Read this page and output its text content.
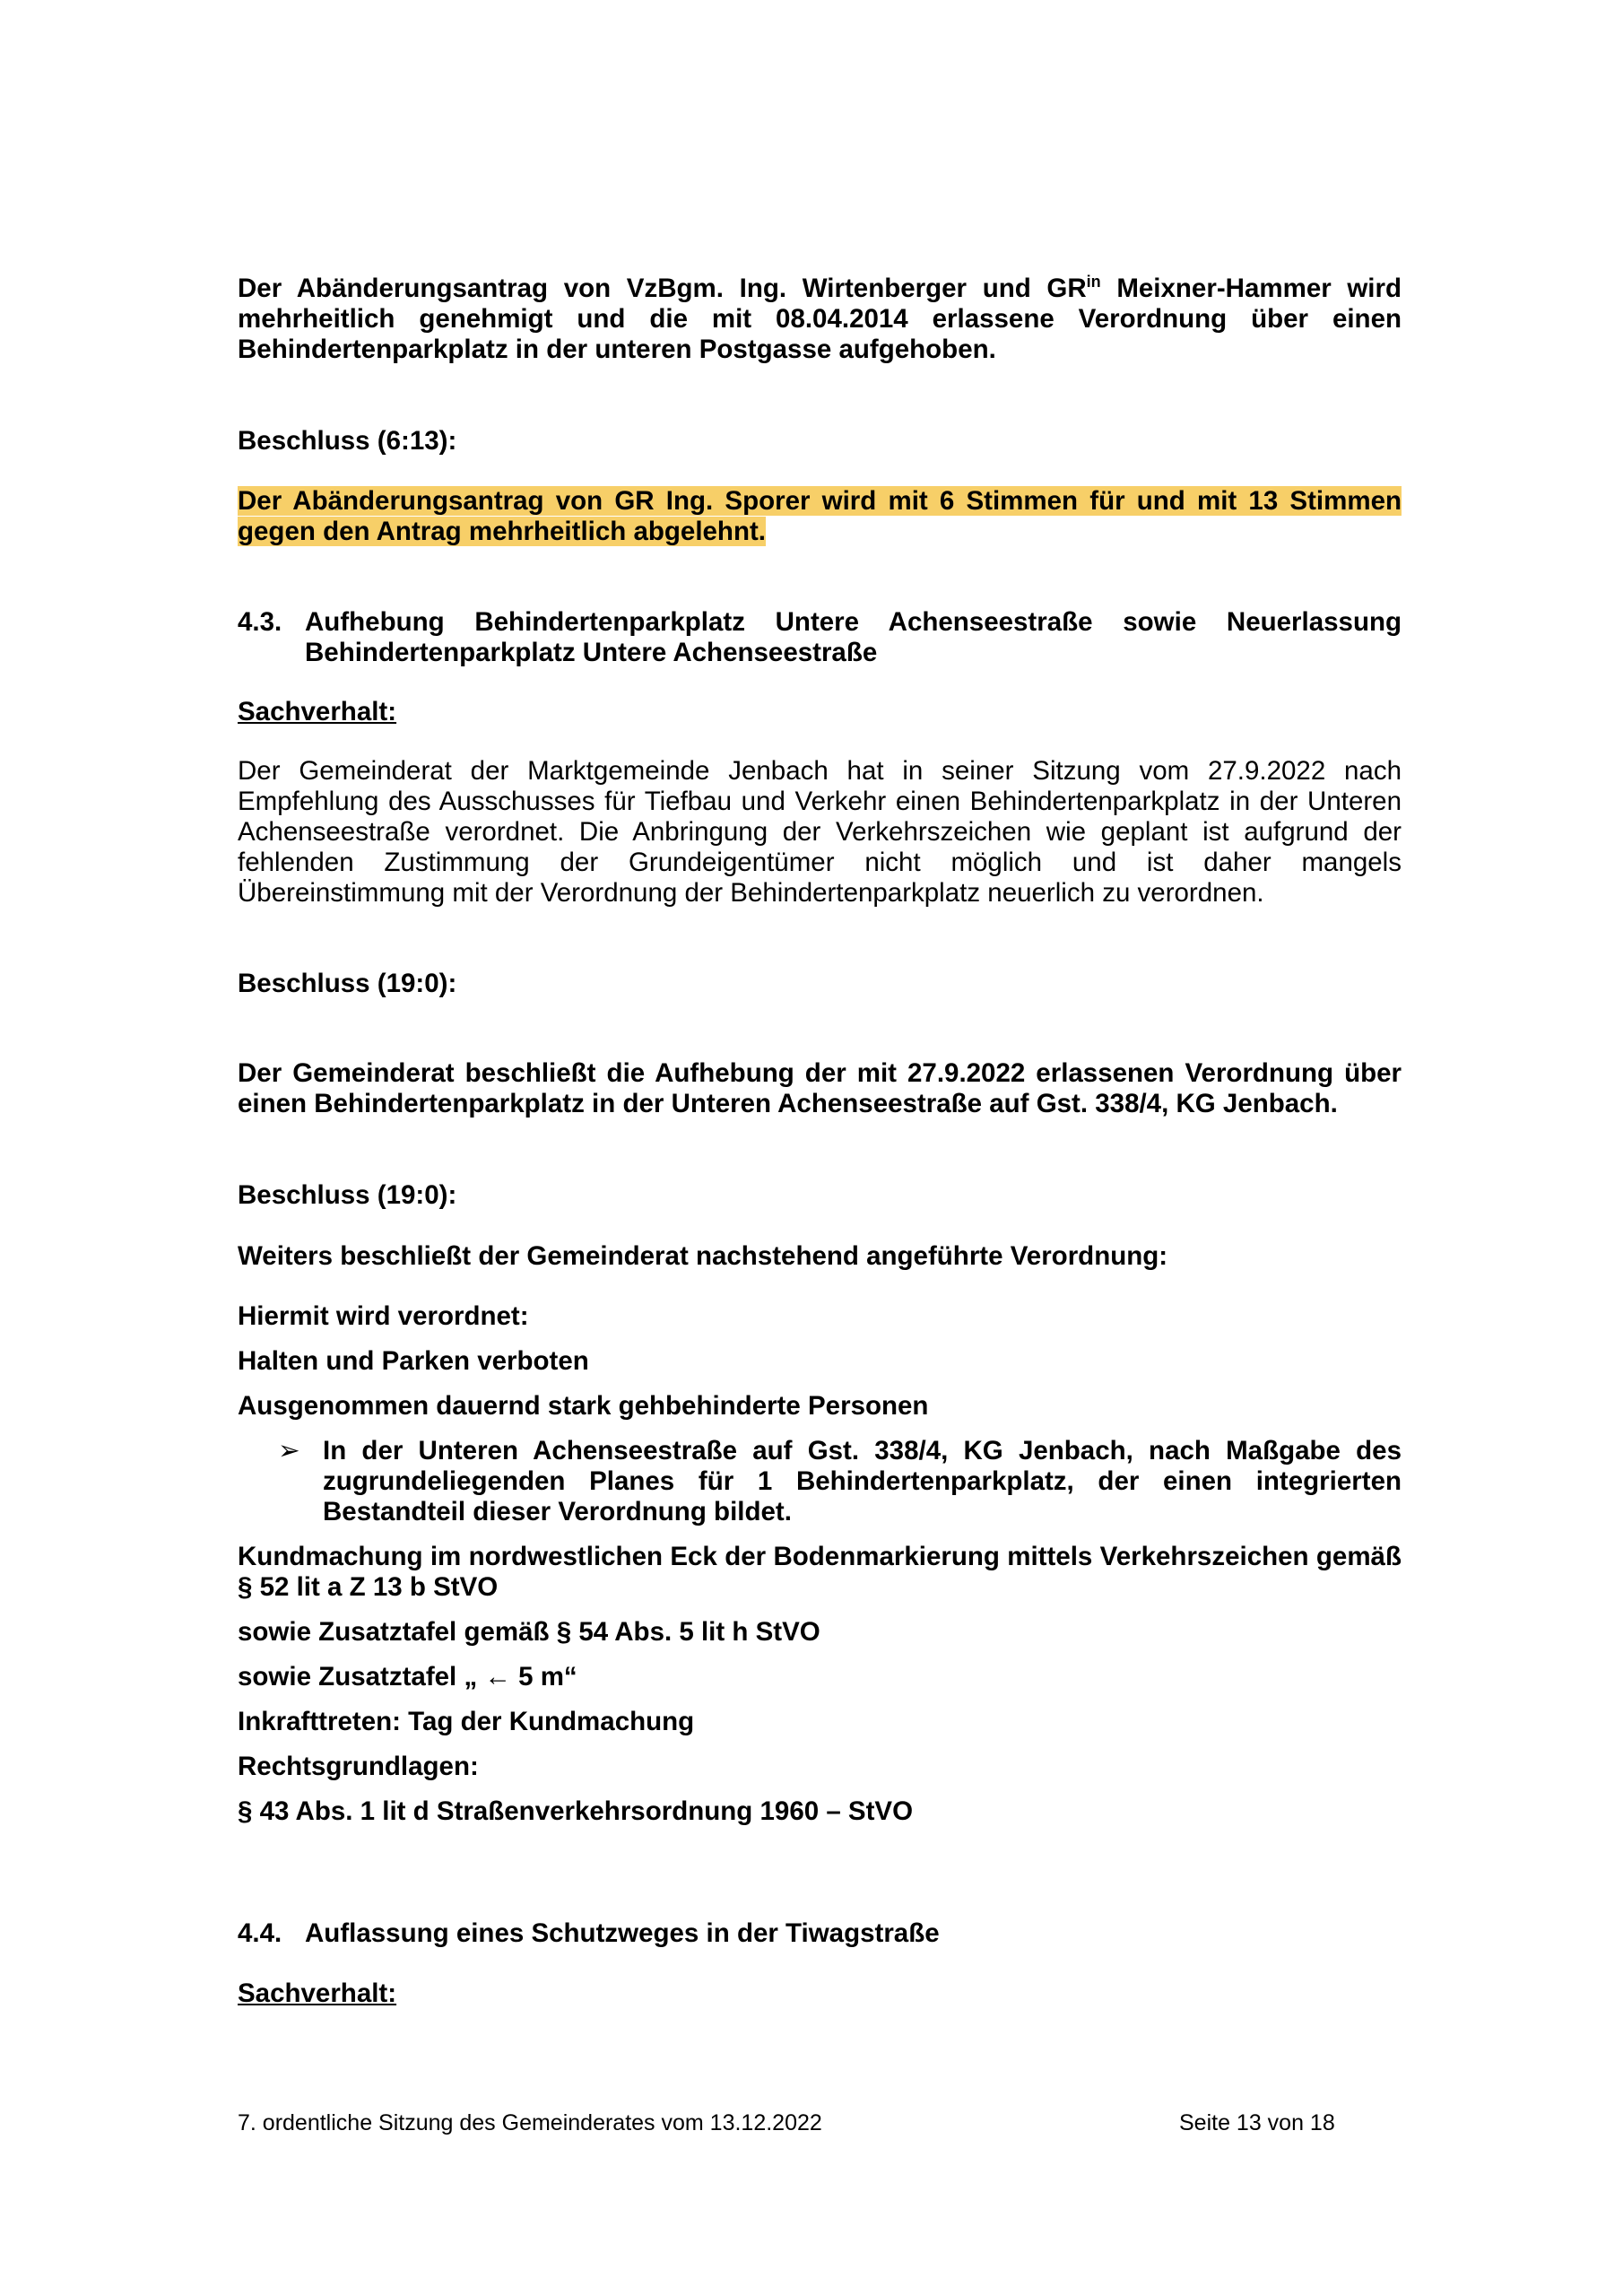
Der Abänderungsantrag von VzBgm. Ing. Wirtenberger und $GR^{in}$ Meixner-Hammer wird mehrheitlich genehmigt und die mit 08.04.2014 erlassene Verordnung über einen Behindertenparkplatz in der unteren Postgasse aufgehoben.

Beschluss (6:13):

Der Abänderungsantrag von GR Ing. Sporer wird mit 6 Stimmen für und mit 13 Stimmen gegen den Antrag mehrheitlich abgelehnt.

4.3. Aufhebung Behindertenparkplatz Untere Achenseestraße sowie Neuerlassung Behindertenparkplatz Untere Achenseestraße

Sachverhalt:

Der Gemeinderat der Marktgemeinde Jenbach hat in seiner Sitzung vom 27.9.2022 nach Empfehlung des Ausschusses für Tiefbau und Verkehr einen Behindertenparkplatz in der Unteren Achenseestraße verordnet. Die Anbringung der Verkehrszeichen wie geplant ist aufgrund der fehlenden Zustimmung der Grundeigentümer nicht möglich und ist daher mangels Übereinstimmung mit der Verordnung der Behindertenparkplatz neuerlich zu verordnen.

Beschluss (19:0):

Der Gemeinderat beschließt die Aufhebung der mit 27.9.2022 erlassenen Verordnung über einen Behindertenparkplatz in der Unteren Achenseestraße auf Gst. 338/4, KG Jenbach.

Beschluss (19:0):

Weiters beschließt der Gemeinderat nachstehend angeführte Verordnung:

Hiermit wird verordnet:

Halten und Parken verboten

Ausgenommen dauernd stark gehbehinderte Personen

➢ In der Unteren Achenseestraße auf Gst. 338/4, KG Jenbach, nach Maßgabe des zugrundeliegenden Planes für 1 Behindertenparkplatz, der einen integrierten Bestandteil dieser Verordnung bildet.

Kundmachung im nordwestlichen Eck der Bodenmarkierung mittels Verkehrszeichen gemäß § 52 lit a Z 13 b StVO

sowie Zusatztafel gemäß § 54 Abs. 5 lit h StVO

sowie Zusatztafel „ ← 5 m“

Inkrafttreten: Tag der Kundmachung

Rechtsgrundlagen:

§ 43 Abs. 1 lit d Straßenverkehrsordnung 1960 – StVO

4.4. Auflassung eines Schutzweges in der Tiwagstraße

Sachverhalt:

7. ordentliche Sitzung des Gemeinderates vom 13.12.2022	Seite 13 von 18
